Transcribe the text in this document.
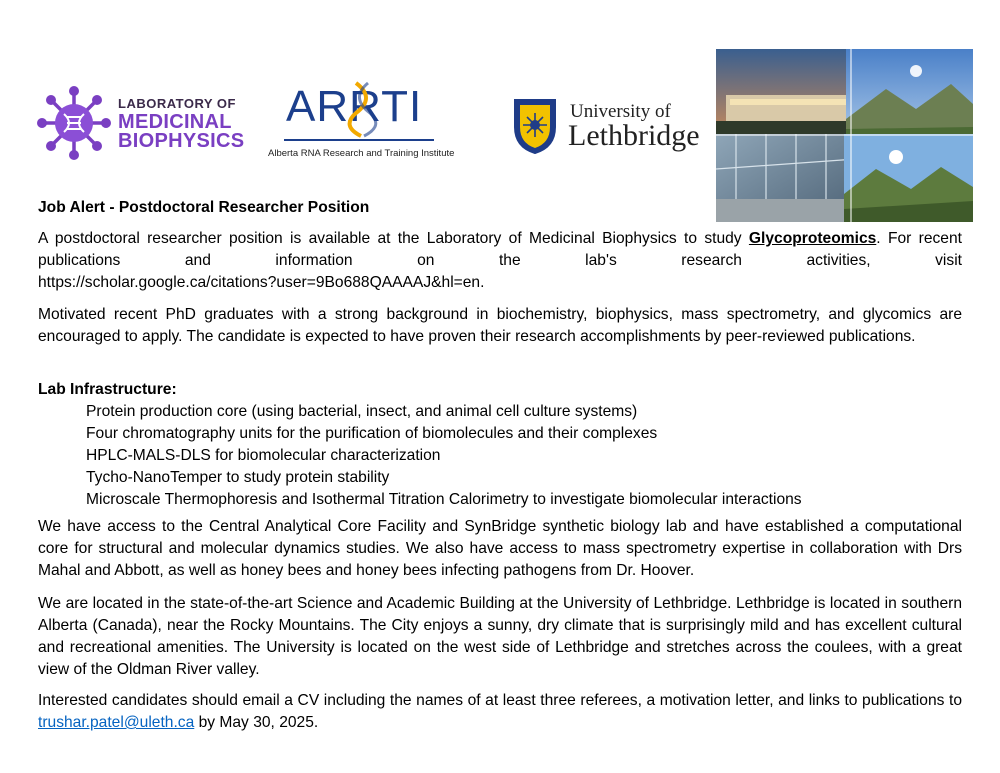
LABORATORY OF
MEDICINAL
BIOPHYSICS
ARRTI
Alberta RNA Research and Training Institute
University of
Lethbridge
Job Alert - Postdoctoral Researcher Position
A postdoctoral researcher position is available at the Laboratory of Medicinal Biophysics to study Glycoproteomics. For recent publications and information on the lab's research activities, visit
https://scholar.google.ca/citations?user=9Bo688QAAAAJ&hl=en.
Motivated recent PhD graduates with a strong background in biochemistry, biophysics, mass spectrometry, and glycomics are encouraged to apply. The candidate is expected to have proven their research accomplishments by peer-reviewed publications.
Lab Infrastructure:
Protein production core (using bacterial, insect, and animal cell culture systems)
Four chromatography units for the purification of biomolecules and their complexes
HPLC-MALS-DLS for biomolecular characterization
Tycho-NanoTemper to study protein stability
Microscale Thermophoresis and Isothermal Titration Calorimetry to investigate biomolecular interactions
We have access to the Central Analytical Core Facility and SynBridge synthetic biology lab and have established a computational core for structural and molecular dynamics studies. We also have access to mass spectrometry expertise in collaboration with Drs Mahal and Abbott, as well as honey bees and honey bees infecting pathogens from Dr. Hoover.
We are located in the state-of-the-art Science and Academic Building at the University of Lethbridge. Lethbridge is located in southern Alberta (Canada), near the Rocky Mountains. The City enjoys a sunny, dry climate that is surprisingly mild and has excellent cultural and recreational amenities. The University is located on the west side of Lethbridge and stretches across the coulees, with a great view of the Oldman River valley.
Interested candidates should email a CV including the names of at least three referees, a motivation letter, and links to publications to trushar.patel@uleth.ca by May 30, 2025.
